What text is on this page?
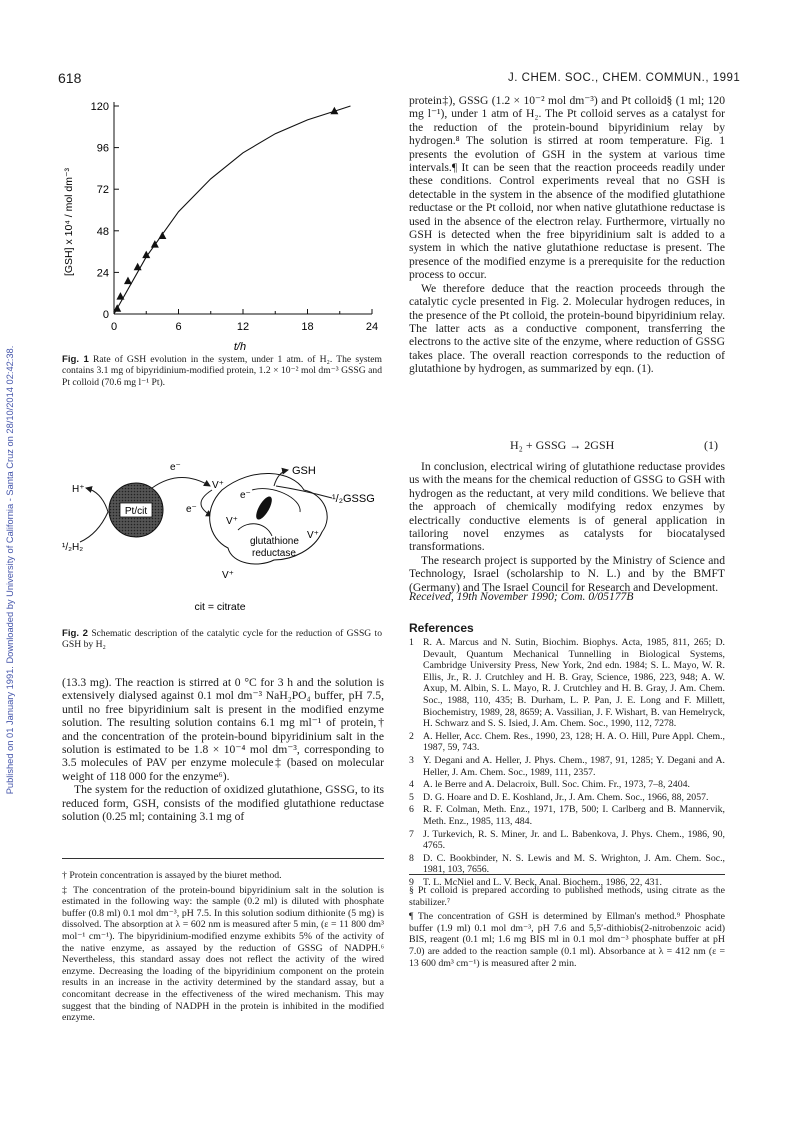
Published on 01 January 1991. Downloaded by University of California - Santa Cruz on 28/10/2014 02:42:38.
618	J. CHEM. SOC., CHEM. COMMUN., 1991
0	6	12	18	24
0
24
48
72
96
120
t/h
[GSH] x 10⁴ / mol dm⁻³
Fig. 1 Rate of GSH evolution in the system, under 1 atm. of H₂. The system contains 3.1 mg of bipyridinium-modified protein, 1.2 × 10⁻² mol dm⁻³ GSSG and Pt colloid (70.6 mg l⁻¹ Pt).
Pt/cit
H⁺
¹/₂H₂
e⁻
e⁻
V⁺
V⁺
e⁻
V⁺
V⁺
glutathione
reductase
GSH
¹/₂GSSG
cit = citrate
Fig. 2 Schematic description of the catalytic cycle for the reduction of GSSG to GSH by H₂

(13.3 mg). The reaction is stirred at 0 °C for 3 h and the solution is extensively dialysed against 0.1 mol dm⁻³ NaH₂PO₄ buffer, pH 7.5, until no free bipyridinium salt is present in the modified enzyme solution. The resulting solution contains 6.1 mg ml⁻¹ of protein,† and the concentration of the protein-bound bipyridinium salt in the solution is estimated to be 1.8 × 10⁻⁴ mol dm⁻³, corresponding to 3.5 molecules of PAV per enzyme molecule‡ (based on molecular weight of 118 000 for the enzyme⁶).

The system for the reduction of oxidized glutathione, GSSG, to its reduced form, GSH, consists of the modified glutathione reductase solution (0.25 ml; containing 3.1 mg of

† Protein concentration is assayed by the biuret method.

‡ The concentration of the protein-bound bipyridinium salt in the solution is estimated in the following way: the sample (0.2 ml) is diluted with phosphate buffer (0.8 ml) 0.1 mol dm⁻³, pH 7.5. In this solution sodium dithionite (5 mg) is dissolved. The absorption at λ = 602 nm is measured after 5 min, (ε = 11 800 dm³ mol⁻¹ cm⁻¹). The bipyridinium-modified enzyme exhibits 5% of the activity of the native enzyme, as assayed by the reduction of GSSG of NADPH.⁶ Nevertheless, this standard assay does not reflect the activity of the wired enzyme. Decreasing the loading of the bipyridinium component on the protein results in an increase in the activity determined by the standard assay, but a concomitant decrease in the effectiveness of the wired mechanism. This may suggest that the binding of NADPH in the protein is inhibited in the modified enzyme.

protein‡), GSSG (1.2 × 10⁻² mol dm⁻³) and Pt colloid§ (1 ml; 120 mg l⁻¹), under 1 atm of H₂. The Pt colloid serves as a catalyst for the reduction of the protein-bound bipyridinium relay by hydrogen.⁸ The solution is stirred at room temperature. Fig. 1 presents the evolution of GSH in the system at various time intervals.¶ It can be seen that the reaction proceeds readily under these conditions. Control experiments reveal that no GSH is detectable in the system in the absence of the modified glutathione reductase or the Pt colloid, nor when native glutathione reductase is used in the absence of the electron relay. Furthermore, virtually no GSH is detected when the free bipyridinium salt is added to a system in which the native glutathione reductase is present. The presence of the modified enzyme is a prerequisite for the reduction process to occur.

We therefore deduce that the reaction proceeds through the catalytic cycle presented in Fig. 2. Molecular hydrogen reduces, in the presence of the Pt colloid, the protein-bound bipyridinium relay. The latter acts as a conductive component, transferring the electrons to the active site of the enzyme, where reduction of GSSG takes place. The overall reaction corresponds to the reduction of glutathione by hydrogen, as summarized by eqn. (1).

H₂ + GSSG → 2GSH	(1)

In conclusion, electrical wiring of glutathione reductase provides us with the means for the chemical reduction of GSSG to GSH with hydrogen as the reductant, at very mild conditions. We believe that the approach of chemically modifying redox enzymes by electrically conductive elements is of general application in tailoring novel enzymes as catalysts for biocatalysed transformations.

The research project is supported by the Ministry of Science and Technology, Israel (scholarship to N. L.) and by the BMFT (Germany) and The Israel Council for Research and Development.

Received, 19th November 1990; Com. 0/05177B
References
1 R. A. Marcus and N. Sutin, Biochim. Biophys. Acta, 1985, 811, 265; D. Devault, Quantum Mechanical Tunnelling in Biological Systems, Cambridge University Press, New York, 2nd edn. 1984; S. L. Mayo, W. R. Ellis, Jr., R. J. Crutchley and H. B. Gray, Science, 1986, 223, 948; A. W. Axup, M. Albin, S. L. Mayo, R. J. Crutchley and H. B. Gray, J. Am. Chem. Soc., 1988, 110, 435; B. Durham, L. P. Pan, J. E. Long and F. Millett, Biochemistry, 1989, 28, 8659; A. Vassilian, J. F. Wishart, B. van Hemelryck, H. Schwarz and S. S. Isied, J. Am. Chem. Soc., 1990, 112, 7278.
2 A. Heller, Acc. Chem. Res., 1990, 23, 128; H. A. O. Hill, Pure Appl. Chem., 1987, 59, 743.
3 Y. Degani and A. Heller, J. Phys. Chem., 1987, 91, 1285; Y. Degani and A. Heller, J. Am. Chem. Soc., 1989, 111, 2357.
4 A. le Berre and A. Delacroix, Bull. Soc. Chim. Fr., 1973, 7–8, 2404.
5 D. G. Hoare and D. E. Koshland, Jr., J. Am. Chem. Soc., 1966, 88, 2057.
6 R. F. Colman, Meth. Enz., 1971, 17B, 500; I. Carlberg and B. Mannervik, Meth. Enz., 1985, 113, 484.
7 J. Turkevich, R. S. Miner, Jr. and L. Babenkova, J. Phys. Chem., 1986, 90, 4765.
8 D. C. Bookbinder, N. S. Lewis and M. S. Wrighton, J. Am. Chem. Soc., 1981, 103, 7656.
9 T. L. McNiel and L. V. Beck, Anal. Biochem., 1986, 22, 431.

§ Pt colloid is prepared according to published methods, using citrate as the stabilizer.⁷

¶ The concentration of GSH is determined by Ellman's method.⁹ Phosphate buffer (1.9 ml) 0.1 mol dm⁻³, pH 7.6 and 5,5′-dithiobis(2-nitrobenzoic acid) BIS, reagent (0.1 ml; 1.6 mg BIS ml in 0.1 mol dm⁻³ phosphate buffer at pH 7.0) are added to the reaction sample (0.1 ml). Absorbance at λ = 412 nm (ε = 13 600 dm³ cm⁻¹) is measured after 2 min.
